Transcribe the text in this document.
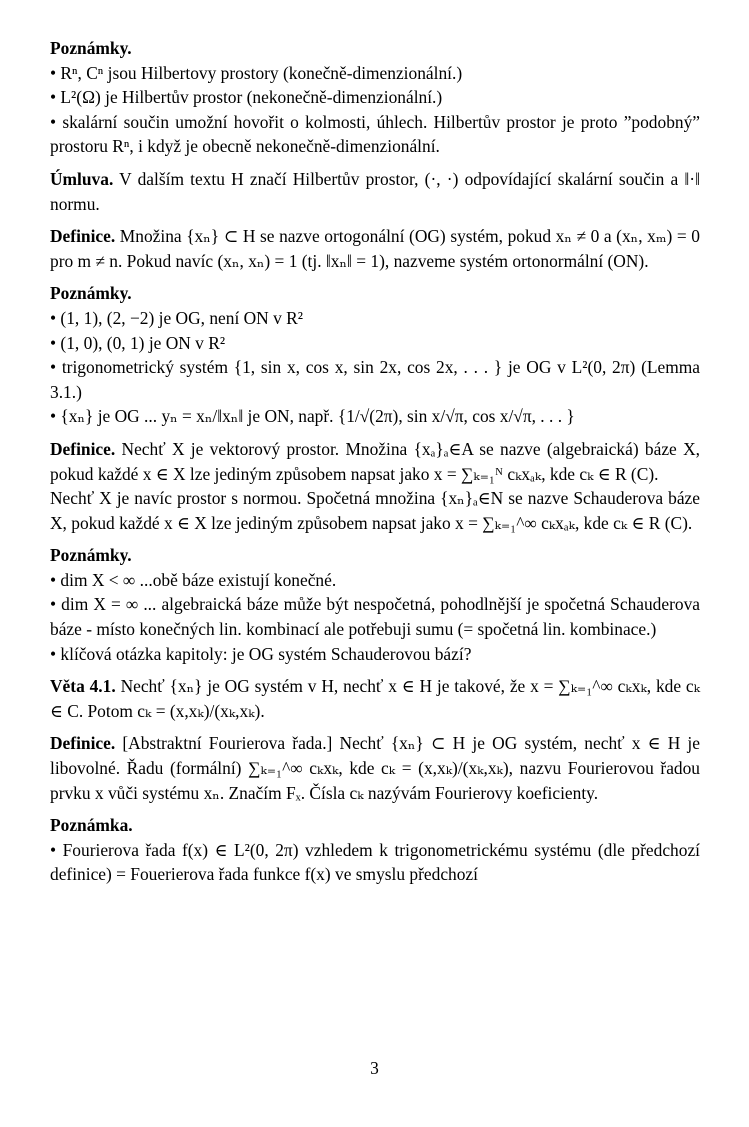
Poznámky.
• Rⁿ, Cⁿ jsou Hilbertovy prostory (konečně-dimenzionální.)
• L²(Ω) je Hilbertův prostor (nekonečně-dimenzionální.)
• skalární součin umožní hovořit o kolmosti, úhlech. Hilbertův prostor je proto ”podobný” prostoru Rⁿ, i když je obecně nekonečně-dimenzionální.
Úmluva. V dalším textu H značí Hilbertův prostor, (·, ·) odpovídající skalární součin a ‖·‖ normu.
Definice. Množina {xₙ} ⊂ H se nazve ortogonální (OG) systém, pokud xₙ ≠ 0 a (xₙ, xₘ) = 0 pro m ≠ n. Pokud navíc (xₙ, xₙ) = 1 (tj. ‖xₙ‖ = 1), nazveme systém ortonormální (ON).
Poznámky.
• (1, 1), (2, −2) je OG, není ON v R²
• (1, 0), (0, 1) je ON v R²
• trigonometrický systém {1, sin x, cos x, sin 2x, cos 2x, . . . } je OG v L²(0, 2π) (Lemma 3.1.)
• {xₙ} je OG ... yₙ = xₙ/‖xₙ‖ je ON, např. {1/√(2π), sin x/√π, cos x/√π, . . . }
Definice. Nechť X je vektorový prostor. Množina {xₐ}ₐ∈A se nazve (algebraická) báze X, pokud každé x ∈ X lze jediným způsobem napsat jako x = ∑ₖ₌₁ᴺ cₖxₐₖ, kde cₖ ∈ R (C).
Nechť X je navíc prostor s normou. Spočetná množina {xₙ}ₐ∈N se nazve Schauderova báze X, pokud každé x ∈ X lze jediným způsobem napsat jako x = ∑ₖ₌₁^∞ cₖxₐₖ, kde cₖ ∈ R (C).
Poznámky.
• dim X < ∞ ...obě báze existují konečné.
• dim X = ∞ ... algebraická báze může být nespočetná, pohodlnější je spočetná Schauderova báze - místo konečných lin. kombinací ale potřebuji sumu (= spočetná lin. kombinace.)
• klíčová otázka kapitoly: je OG systém Schauderovou bází?
Věta 4.1. Nechť {xₙ} je OG systém v H, nechť x ∈ H je takové, že x = ∑ₖ₌₁^∞ cₖxₖ, kde cₖ ∈ C. Potom cₖ = (x,xₖ)/(xₖ,xₖ).
Definice. [Abstraktní Fourierova řada.] Nechť {xₙ} ⊂ H je OG systém, nechť x ∈ H je libovolné. Řadu (formální) ∑ₖ₌₁^∞ cₖxₖ, kde cₖ = (x,xₖ)/(xₖ,xₖ), nazvu Fourierovou řadou prvku x vůči systému xₙ. Značím Fₓ. Čísla cₖ nazývám Fourierovy koeficienty.
Poznámka.
• Fourierova řada f(x) ∈ L²(0, 2π) vzhledem k trigonometrickému systému (dle předchozí definice) = Fouerierova řada funkce f(x) ve smyslu předchozí
3
